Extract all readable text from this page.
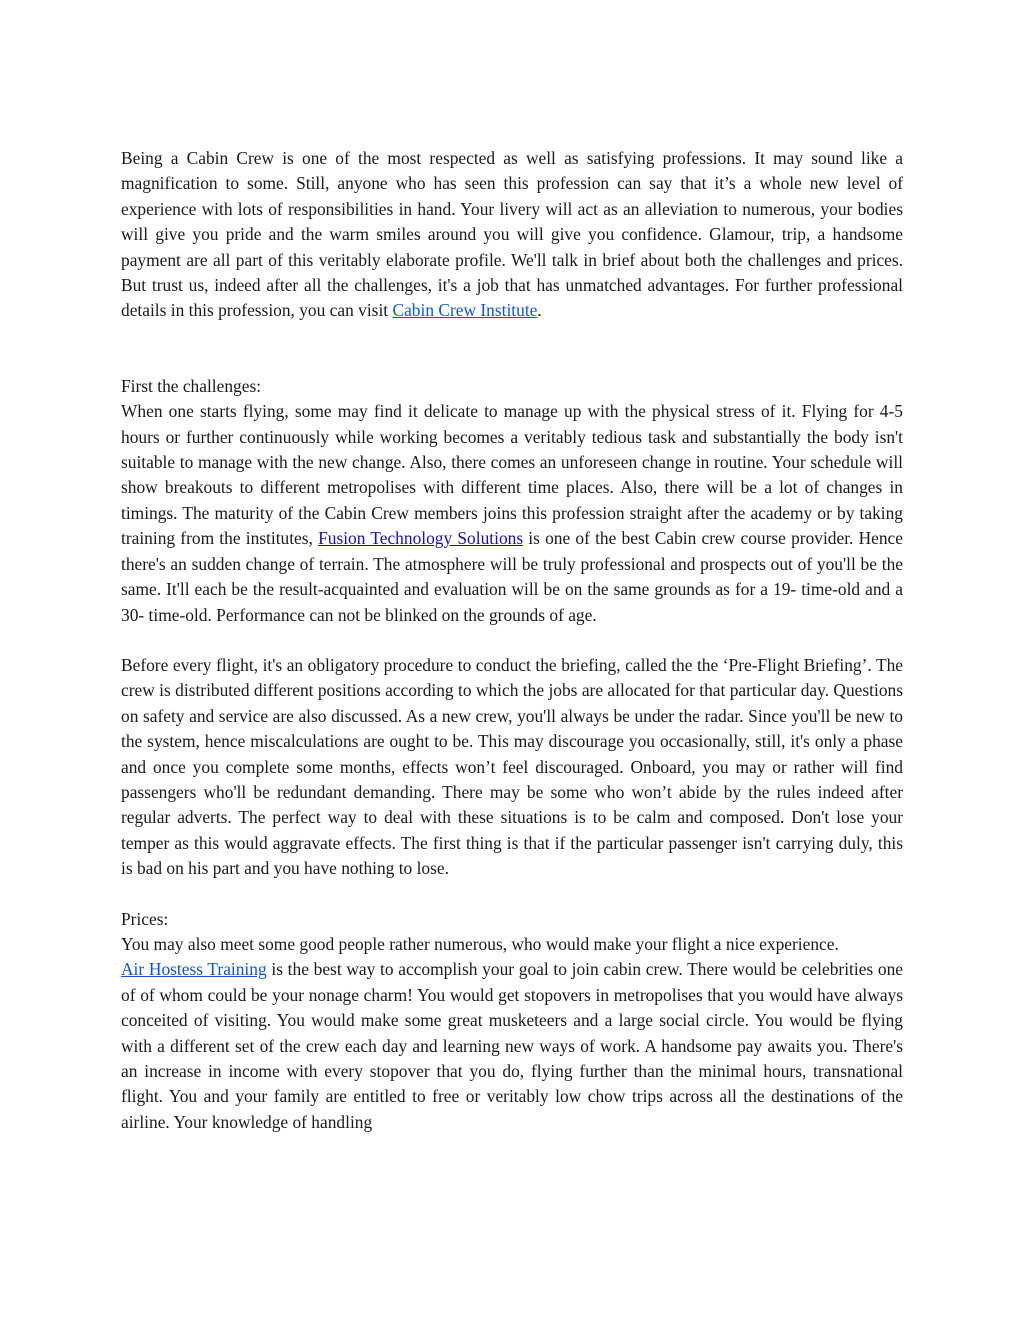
Being a Cabin Crew is one of the most respected as well as satisfying professions. It may sound like a magnification to some. Still, anyone who has seen this profession can say that it’s a whole new level of experience with lots of responsibilities in hand. Your livery will act as an alleviation to numerous, your bodies will give you pride and the warm smiles around you will give you confidence. Glamour, trip, a handsome payment are all part of this veritably elaborate profile. We'll talk in brief about both the challenges and prices. But trust us, indeed after all the challenges, it's a job that has unmatched advantages. For further professional details in this profession, you can visit Cabin Crew Institute.

First the challenges:

When one starts flying, some may find it delicate to manage up with the physical stress of it. Flying for 4-5 hours or further continuously while working becomes a veritably tedious task and substantially the body isn't suitable to manage with the new change. Also, there comes an unforeseen change in routine. Your schedule will show breakouts to different metropolises with different time places. Also, there will be a lot of changes in timings. The maturity of the Cabin Crew members joins this profession straight after the academy or by taking training from the institutes, Fusion Technology Solutions is one of the best Cabin crew course provider. Hence there's an sudden change of terrain. The atmosphere will be truly professional and prospects out of you'll be the same. It'll each be the result-acquainted and evaluation will be on the same grounds as for a 19- time-old and a 30- time-old. Performance can not be blinked on the grounds of age.

Before every flight, it's an obligatory procedure to conduct the briefing, called the the ‘Pre-Flight Briefing’. The crew is distributed different positions according to which the jobs are allocated for that particular day. Questions on safety and service are also discussed. As a new crew, you'll always be under the radar. Since you'll be new to the system, hence miscalculations are ought to be. This may discourage you occasionally, still, it's only a phase and once you complete some months, effects won’t feel discouraged. Onboard, you may or rather will find passengers who'll be redundant demanding. There may be some who won’t abide by the rules indeed after regular adverts. The perfect way to deal with these situations is to be calm and composed. Don't lose your temper as this would aggravate effects. The first thing is that if the particular passenger isn't carrying duly, this is bad on his part and you have nothing to lose.

Prices:

You may also meet some good people rather numerous, who would make your flight a nice experience.

Air Hostess Training is the best way to accomplish your goal to join cabin crew. There would be celebrities one of of whom could be your nonage charm! You would get stopovers in metropolises that you would have always conceited of visiting. You would make some great musketeers and a large social circle. You would be flying with a different set of the crew each day and learning new ways of work. A handsome pay awaits you. There's an increase in income with every stopover that you do, flying further than the minimal hours, transnational flight. You and your family are entitled to free or veritably low chow trips across all the destinations of the airline. Your knowledge of handling
